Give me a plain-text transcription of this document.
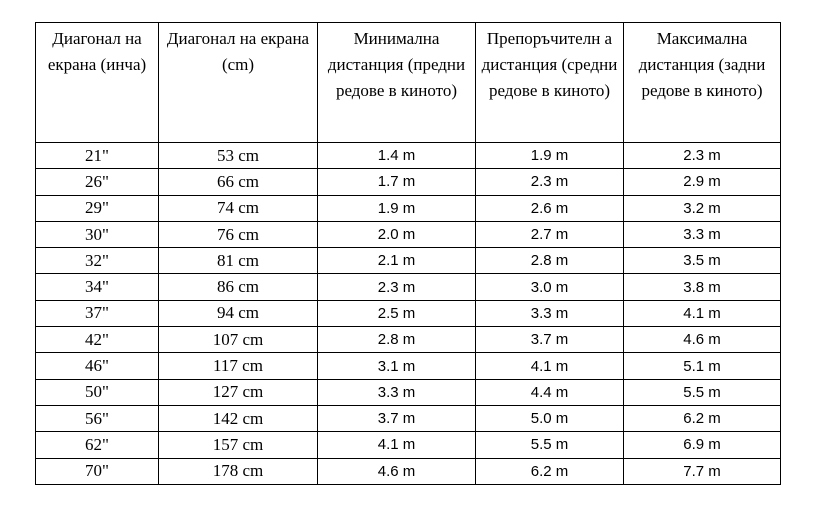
Диагонал на екрана (инча)	Диагонал на екрана (cm)	Минимална дистанция (предни редове в киното)	Препоръчителн а дистанция (средни редове в киното)	Максимална дистанция (задни редове в киното)
21"	53 cm	1.4 m	1.9 m	2.3 m
26"	66 cm	1.7 m	2.3 m	2.9 m
29"	74 cm	1.9 m	2.6 m	3.2 m
30"	76 cm	2.0 m	2.7 m	3.3 m
32"	81 cm	2.1 m	2.8 m	3.5 m
34"	86 cm	2.3 m	3.0 m	3.8 m
37"	94 cm	2.5 m	3.3 m	4.1 m
42"	107 cm	2.8 m	3.7 m	4.6 m
46"	117 cm	3.1 m	4.1 m	5.1 m
50"	127 cm	3.3 m	4.4 m	5.5 m
56"	142 cm	3.7 m	5.0 m	6.2 m
62"	157 cm	4.1 m	5.5 m	6.9 m
70"	178 cm	4.6 m	6.2 m	7.7 m
